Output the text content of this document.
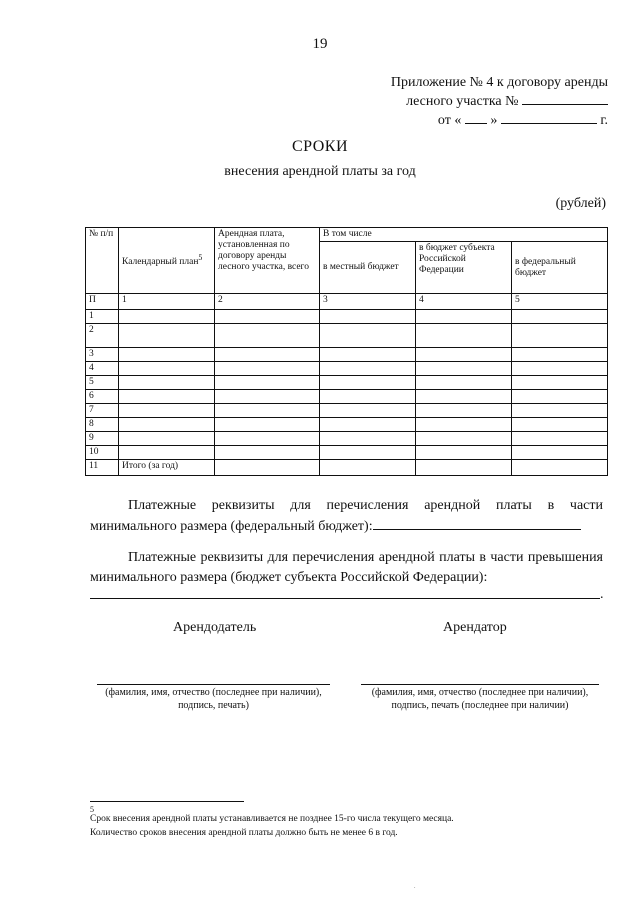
19
Приложение № 4 к договору аренды
лесного участка №
от « »	г.
СРОКИ
внесения арендной платы за год
(рублей)
№ п/п	Календарный план$^5$	Арендная плата, установленная по договору аренды лесного участка, всего	В том числе		
			в местный бюджет	в бюджет субъекта Российской Федерации	в федеральный бюджет
П	1	2	3	4	5
1					
2					
3					
4					
5					
6					
7					
8					
9					
10					
11	Итого (за год)				
Платежные реквизиты для перечисления арендной платы в части минимального размера (федеральный бюджет):
Платежные реквизиты для перечисления арендной платы в части превышения минимального размера (бюджет субъекта Российской Федерации):
.
Арендодатель	Арендатор
(фамилия, имя, отчество (последнее при наличии),
подпись, печать)
(фамилия, имя, отчество (последнее при наличии),
подпись, печать (последнее при наличии)
5
Срок внесения арендной платы устанавливается не позднее 15-го числа текущего месяца.
Количество сроков внесения арендной платы должно быть не менее 6 в год.
.
